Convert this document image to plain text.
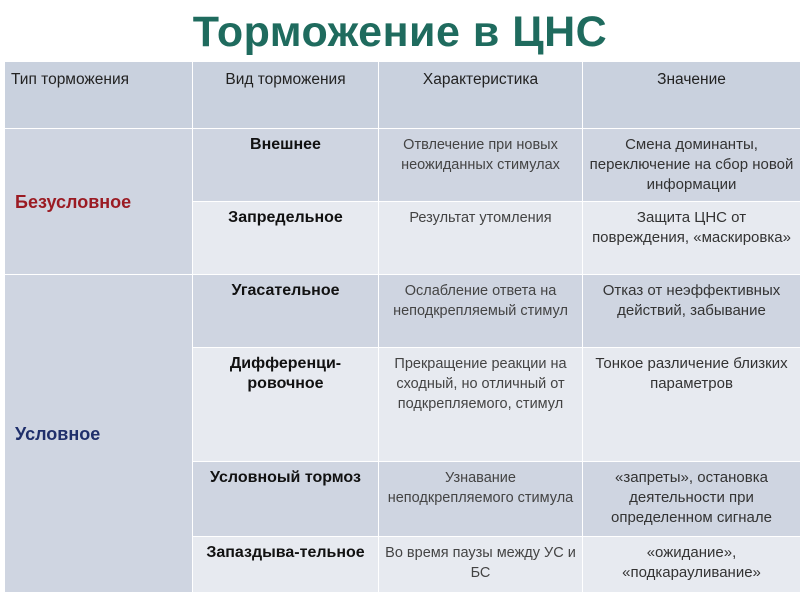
Торможение в ЦНС
Тип торможения	Вид торможения	Характеристика	Значение
Безусловное	Внешнее	Отвлечение при новых неожиданных стимулах	Смена доминанты, переключение на сбор новой информации
	Запредельное	Результат утомления	Защита ЦНС от повреждения, «маскировка»
Условное	Угасательное	Ослабление ответа на неподкрепляемый стимул	Отказ от неэффективных действий, забывание
	Дифференци-ровочное	Прекращение реакции на сходный, но отличный от подкрепляемого, стимул	Тонкое различение близких параметров
	Условноый тормоз	Узнавание неподкрепляемого стимула	«запреты», остановка деятельности при определенном сигнале
	Запаздыва-тельное	Во время паузы между УС и БС	«ожидание», «подкарауливание»
